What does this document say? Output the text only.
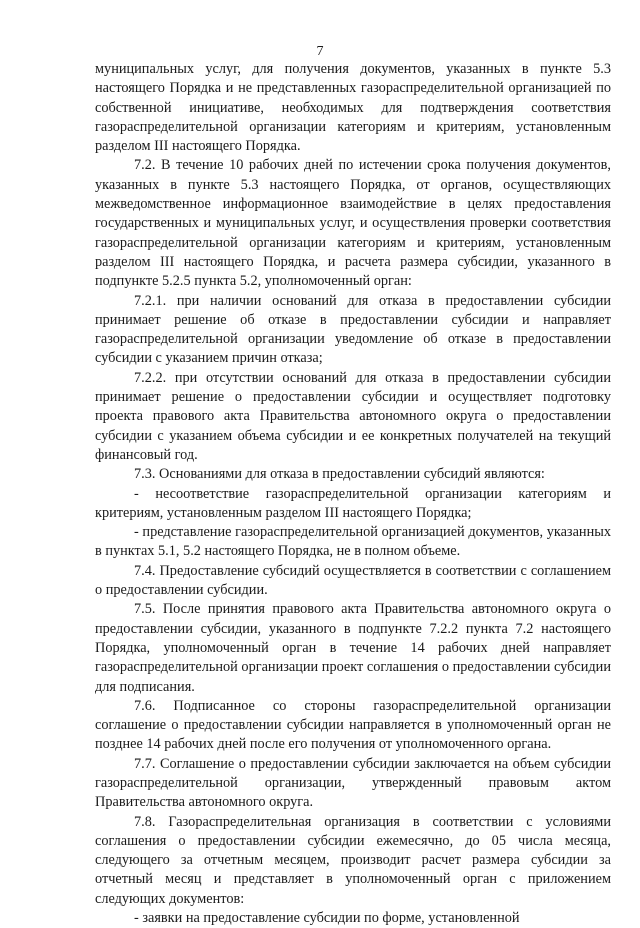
7

муниципальных услуг, для получения документов, указанных в пункте 5.3 настоящего Порядка и не представленных газораспределительной организацией по собственной инициативе, необходимых для подтверждения соответствия газораспределительной организации категориям и критериям, установленным разделом III настоящего Порядка.

7.2. В течение 10 рабочих дней по истечении срока получения документов, указанных в пункте 5.3 настоящего Порядка, от органов, осуществляющих межведомственное информационное взаимодействие в целях предоставления государственных и муниципальных услуг, и осуществления проверки соответствия газораспределительной организации категориям и критериям, установленным разделом III настоящего Порядка, и расчета размера субсидии, указанного в подпункте 5.2.5 пункта 5.2, уполномоченный орган:

7.2.1. при наличии оснований для отказа в предоставлении субсидии принимает решение об отказе в предоставлении субсидии и направляет газораспределительной организации уведомление об отказе в предоставлении субсидии с указанием причин отказа;

7.2.2. при отсутствии оснований для отказа в предоставлении субсидии принимает решение о предоставлении субсидии и осуществляет подготовку проекта правового акта Правительства автономного округа о предоставлении субсидии с указанием объема субсидии и ее конкретных получателей на текущий финансовый год.

7.3. Основаниями для отказа в предоставлении субсидий являются:

- несоответствие газораспределительной организации категориям и критериям, установленным разделом III настоящего Порядка;

- представление газораспределительной организацией документов, указанных в пунктах 5.1, 5.2 настоящего Порядка, не в полном объеме.

7.4. Предоставление субсидий осуществляется в соответствии с соглашением о предоставлении субсидии.

7.5. После принятия правового акта Правительства автономного округа о предоставлении субсидии, указанного в подпункте 7.2.2 пункта 7.2 настоящего Порядка, уполномоченный орган в течение 14 рабочих дней направляет газораспределительной организации проект соглашения о предоставлении субсидии для подписания.

7.6. Подписанное со стороны газораспределительной организации соглашение о предоставлении субсидии направляется в уполномоченный орган не позднее 14 рабочих дней после его получения от уполномоченного органа.

7.7. Соглашение о предоставлении субсидии заключается на объем субсидии газораспределительной организации, утвержденный правовым актом Правительства автономного округа.

7.8. Газораспределительная организация в соответствии с условиями соглашения о предоставлении субсидии ежемесячно, до 05 числа месяца, следующего за отчетным месяцем, производит расчет размера субсидии за отчетный месяц и представляет в уполномоченный орган с приложением следующих документов:

- заявки на предоставление субсидии по форме, установленной
